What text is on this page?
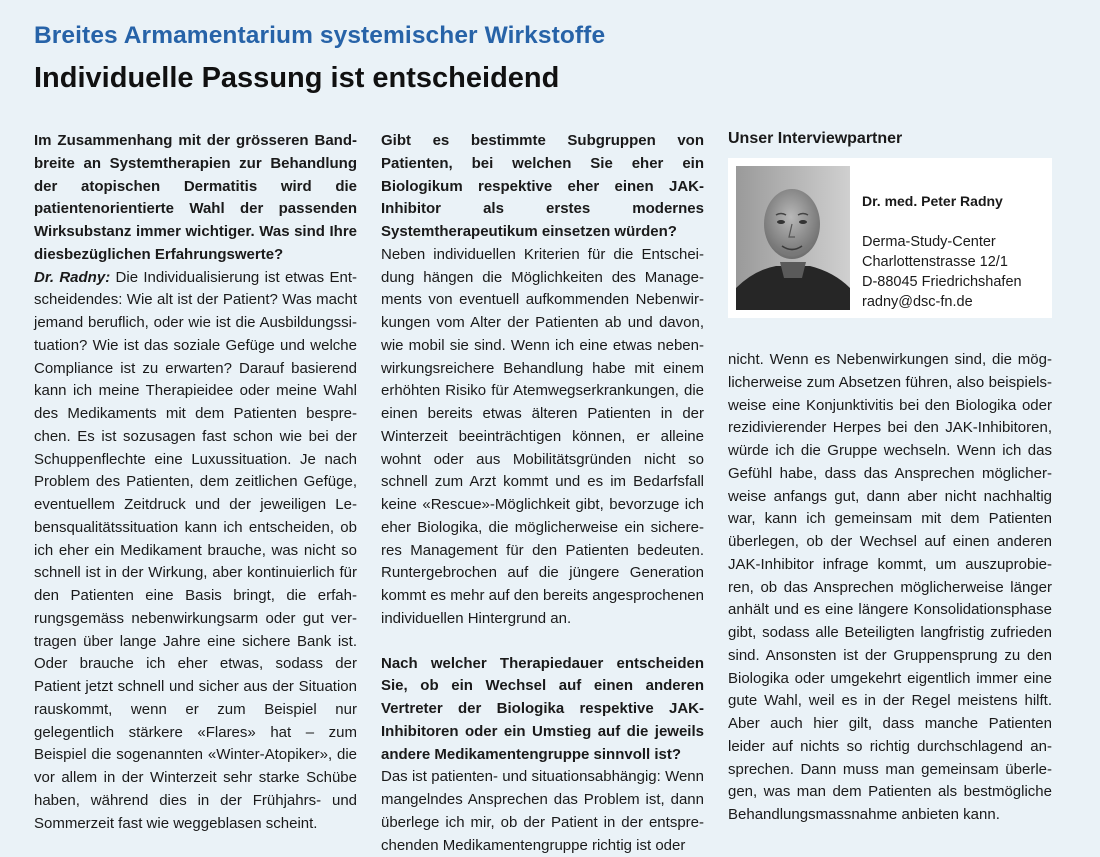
Breites Armamentarium systemischer Wirkstoffe
Individuelle Passung ist entscheidend

Im Zusammenhang mit der grösseren Bandbreite an Systemtherapien zur Behandlung der atopischen Dermatitis wird die patientenorientierte Wahl der passenden Wirksubstanz immer wichtiger. Was sind Ihre diesbezüglichen Erfahrungswerte?

Dr. Radny: Die Individualisierung ist etwas Entscheidendes: Wie alt ist der Patient? Was macht jemand beruflich, oder wie ist die Ausbildungssituation? Wie ist das soziale Gefüge und welche Compliance ist zu erwarten? Darauf basierend kann ich meine Therapieidee oder meine Wahl des Medikaments mit dem Patienten besprechen. Es ist sozusagen fast schon wie bei der Schuppenflechte eine Luxussituation. Je nach Problem des Patienten, dem zeitlichen Gefüge, eventuellem Zeitdruck und der jeweiligen Lebensqualitätssituation kann ich entscheiden, ob ich eher ein Medikament brauche, was nicht so schnell ist in der Wirkung, aber kontinuierlich für den Patienten eine Basis bringt, die erfahrungsgemäss nebenwirkungsarm oder gut vertragen über lange Jahre eine sichere Bank ist. Oder brauche ich eher etwas, sodass der Patient jetzt schnell und sicher aus der Situation rauskommt, wenn er zum Beispiel nur gelegentlich stärkere «Flares» hat – zum Beispiel die sogenannten «Winter-Atopiker», die vor allem in der Winterzeit sehr starke Schübe haben, während dies in der Frühjahrs- und Sommerzeit fast wie weggeblasen scheint.

Gibt es bestimmte Subgruppen von Patienten, bei welchen Sie eher ein Biologikum respektive eher einen JAK-Inhibitor als erstes modernes Systemtherapeutikum einsetzen würden?

Neben individuellen Kriterien für die Entscheidung hängen die Möglichkeiten des Managements von eventuell aufkommenden Nebenwirkungen vom Alter der Patienten ab und davon, wie mobil sie sind. Wenn ich eine etwas nebenwirkungsreichere Behandlung habe mit einem erhöhten Risiko für Atemwegserkrankungen, die einen bereits etwas älteren Patienten in der Winterzeit beeinträchtigen können, er alleine wohnt oder aus Mobilitätsgründen nicht so schnell zum Arzt kommt und es im Bedarfsfall keine «Rescue»-Möglichkeit gibt, bevorzuge ich eher Biologika, die möglicherweise ein sichereres Management für den Patienten bedeuten. Runtergebrochen auf die jüngere Generation kommt es mehr auf den bereits angesprochenen individuellen Hintergrund an.

Nach welcher Therapiedauer entscheiden Sie, ob ein Wechsel auf einen anderen Vertreter der Biologika respektive JAK-Inhibitoren oder ein Umstieg auf die jeweils andere Medikamentengruppe sinnvoll ist?

Das ist patienten- und situationsabhängig: Wenn mangelndes Ansprechen das Problem ist, dann überlege ich mir, ob der Patient in der entsprechenden Medikamentengruppe richtig ist oder

Unser Interviewpartner
Dr. med. Peter Radny
Derma-Study-Center
Charlottenstrasse 12/1
D-88045 Friedrichshafen
radny@dsc-fn.de

nicht. Wenn es Nebenwirkungen sind, die möglicherweise zum Absetzen führen, also beispielsweise eine Konjunktivitis bei den Biologika oder rezidivierender Herpes bei den JAK-Inhibitoren, würde ich die Gruppe wechseln. Wenn ich das Gefühl habe, dass das Ansprechen möglicherweise anfangs gut, dann aber nicht nachhaltig war, kann ich gemeinsam mit dem Patienten überlegen, ob der Wechsel auf einen anderen JAK-Inhibitor infrage kommt, um auszuprobieren, ob das Ansprechen möglicherweise länger anhält und es eine längere Konsolidationsphase gibt, sodass alle Beteiligten langfristig zufrieden sind. Ansonsten ist der Gruppensprung zu den Biologika oder umgekehrt eigentlich immer eine gute Wahl, weil es in der Regel meistens hilft. Aber auch hier gilt, dass manche Patienten leider auf nichts so richtig durchschlagend ansprechen. Dann muss man gemeinsam überlegen, was man dem Patienten als bestmögliche Behandlungsmassnahme anbieten kann.
